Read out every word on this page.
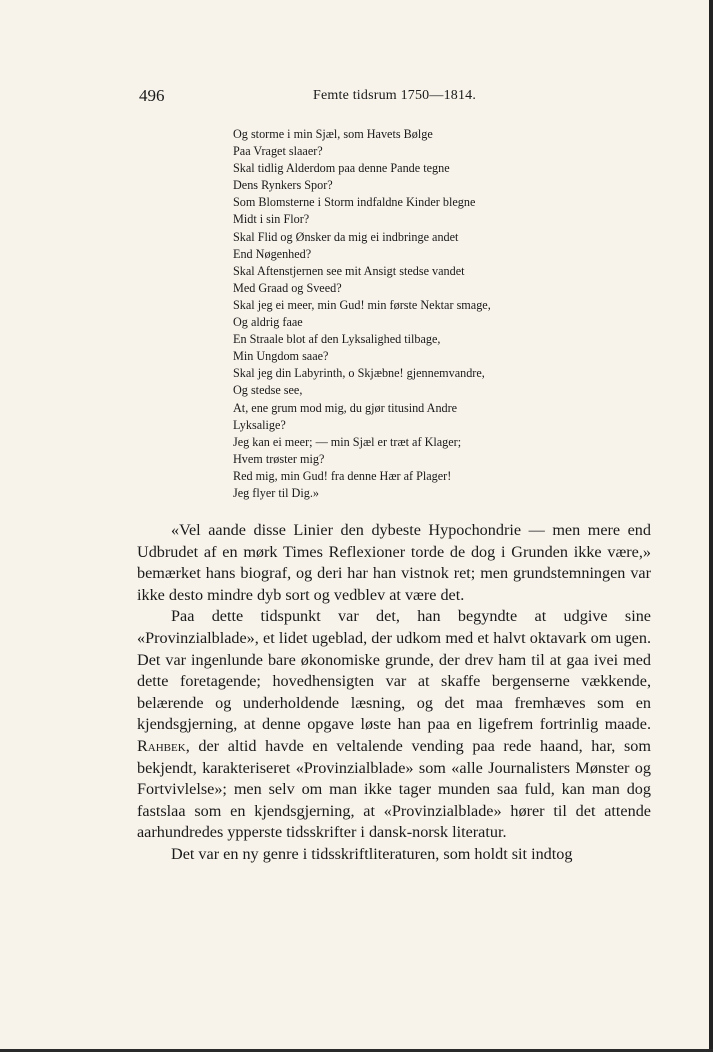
496	Femte tidsrum 1750—1814.
Og storme i min Sjæl, som Havets Bølge
Paa Vraget slaaer?
Skal tidlig Alderdom paa denne Pande tegne
Dens Rynkers Spor?
Som Blomsterne i Storm indfaldne Kinder blegne
Midt i sin Flor?
Skal Flid og Ønsker da mig ei indbringe andet
End Nøgenhed?
Skal Aftenstjernen see mit Ansigt stedse vandet
Med Graad og Sveed?
Skal jeg ei meer, min Gud! min første Nektar smage,
Og aldrig faae
En Straale blot af den Lyksalighed tilbage,
Min Ungdom saae?
Skal jeg din Labyrinth, o Skjæbne! gjennemvandre,
Og stedse see,
At, ene grum mod mig, du gjør titusind Andre
Lyksalige?
Jeg kan ei meer; — min Sjæl er træt af Klager;
Hvem trøster mig?
Red mig, min Gud! fra denne Hær af Plager!
Jeg flyer til Dig.»

«Vel aande disse Linier den dybeste Hypochondrie — men mere end Udbrudet af en mørk Times Reflexioner torde de dog i Grunden ikke være,» bemærket hans biograf, og deri har han vistnok ret; men grundstemningen var ikke desto mindre dyb sort og vedblev at være det.

Paa dette tidspunkt var det, han begyndte at udgive sine «Provinzialblade», et lidet ugeblad, der udkom med et halvt oktavark om ugen. Det var ingenlunde bare økonomiske grunde, der drev ham til at gaa ivei med dette foretagende; hovedhensigten var at skaffe bergenserne vækkende, belærende og underholdende læsning, og det maa fremhæves som en kjendsgjerning, at denne opgave løste han paa en ligefrem fortrinlig maade. Rahbek, der altid havde en veltalende vending paa rede haand, har, som bekjendt, karakteriseret «Provinzialblade» som «alle Journalisters Mønster og Fortvivlelse»; men selv om man ikke tager munden saa fuld, kan man dog fastslaa som en kjendsgjerning, at «Provinzialblade» hører til det attende aarhundredes ypperste tidsskrifter i dansk-norsk literatur.

Det var en ny genre i tidsskriftliteraturen, som holdt sit indtog
